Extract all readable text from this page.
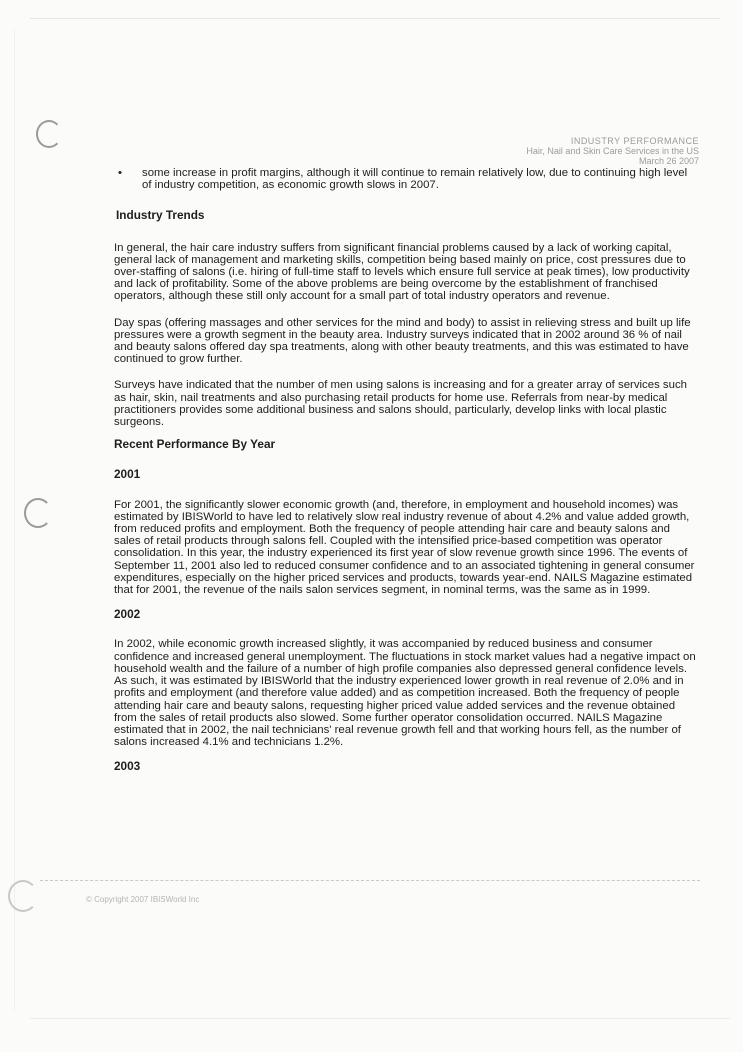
INDUSTRY PERFORMANCE
Hair, Nail and Skin Care Services in the US
March 26 2007
• some increase in profit margins, although it will continue to remain relatively low, due to continuing high level of industry competition, as economic growth slows in 2007.
Industry Trends

In general, the hair care industry suffers from significant financial problems caused by a lack of working capital, general lack of management and marketing skills, competition being based mainly on price, cost pressures due to over-staffing of salons (i.e. hiring of full-time staff to levels which ensure full service at peak times), low productivity and lack of profitability. Some of the above problems are being overcome by the establishment of franchised operators, although these still only account for a small part of total industry operators and revenue.

Day spas (offering massages and other services for the mind and body) to assist in relieving stress and built up life pressures were a growth segment in the beauty area. Industry surveys indicated that in 2002 around 36 % of nail and beauty salons offered day spa treatments, along with other beauty treatments, and this was estimated to have continued to grow further.

Surveys have indicated that the number of men using salons is increasing and for a greater array of services such as hair, skin, nail treatments and also purchasing retail products for home use. Referrals from near-by medical practitioners provides some additional business and salons should, particularly, develop links with local plastic surgeons.

Recent Performance By Year
2001

For 2001, the significantly slower economic growth (and, therefore, in employment and household incomes) was estimated by IBISWorld to have led to relatively slow real industry revenue of about 4.2% and value added growth, from reduced profits and employment. Both the frequency of people attending hair care and beauty salons and sales of retail products through salons fell. Coupled with the intensified price-based competition was operator consolidation. In this year, the industry experienced its first year of slow revenue growth since 1996. The events of September 11, 2001 also led to reduced consumer confidence and to an associated tightening in general consumer expenditures, especially on the higher priced services and products, towards year-end. NAILS Magazine estimated that for 2001, the revenue of the nails salon services segment, in nominal terms, was the same as in 1999.

2002

In 2002, while economic growth increased slightly, it was accompanied by reduced business and consumer confidence and increased general unemployment. The fluctuations in stock market values had a negative impact on household wealth and the failure of a number of high profile companies also depressed general confidence levels. As such, it was estimated by IBISWorld that the industry experienced lower growth in real revenue of 2.0% and in profits and employment (and therefore value added) and as competition increased. Both the frequency of people attending hair care and beauty salons, requesting higher priced value added services and the revenue obtained from the sales of retail products also slowed. Some further operator consolidation occurred. NAILS Magazine estimated that in 2002, the nail technicians' real revenue growth fell and that working hours fell, as the number of salons increased 4.1% and technicians 1.2%.

2003
© Copyright 2007 IBISWorld Inc
